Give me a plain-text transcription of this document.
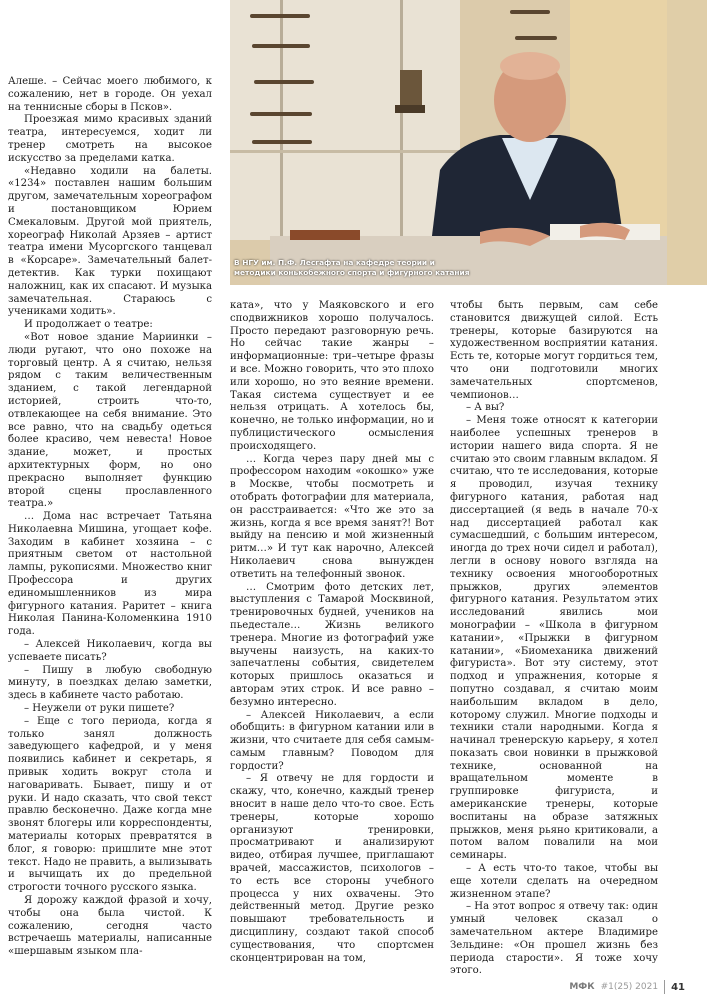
В НГУ им. П.Ф. Лесгафта на кафедре теории и методики конькобежного спорта и фигурного катания

Алеше. – Сейчас моего любимого, к сожалению, нет в городе. Он уехал на теннисные сборы в Псков».

Проезжая мимо красивых зданий театра, интересуемся, ходит ли тренер смотреть на высокое искусство за пределами катка.

«Недавно ходили на балеты. «1234» поставлен нашим большим другом, замечательным хореографом и постановщиком Юрием Смекаловым. Другой мой приятель, хореограф Николай Арзяев – артист театра имени Мусоргского танцевал в «Корсаре». Замечательный балет-детектив. Как турки похищают наложниц, как их спасают. И музыка замечательная. Стараюсь с учениками ходить».

И продолжает о театре:

«Вот новое здание Мариинки – люди ругают, что оно похоже на торговый центр. А я считаю, нельзя рядом с таким величественным зданием, с такой легендарной историей, строить что-то, отвлекающее на себя внимание. Это все равно, что на свадьбу одеться более красиво, чем невеста! Новое здание, может, и простых архитектурных форм, но оно прекрасно выполняет функцию второй сцены прославленного театра.»

… Дома нас встречает Татьяна Николаевна Мишина, угощает кофе. Заходим в кабинет хозяина – с приятным светом от настольной лампы, рукописями. Множество книг Профессора и других единомышленников из мира фигурного катания. Раритет – книга Николая Панина-Коломенкина 1910 года.

– Алексей Николаевич, когда вы успеваете писать?

– Пишу в любую свободную минуту, в поездках делаю заметки, здесь в кабинете часто работаю.

– Неужели от руки пишете?

– Еще с того периода, когда я только занял должность заведующего кафедрой, и у меня появились кабинет и секретарь, я привык ходить вокруг стола и наговаривать. Бывает, пишу и от руки. И надо сказать, что свой текст правлю бесконечно. Даже когда мне звонят блогеры или корреспонденты, материалы которых превратятся в блог, я говорю: пришлите мне этот текст. Надо не править, а вылизывать и вычищать их до предельной строгости точного русского языка.

Я дорожу каждой фразой и хочу, чтобы она была чистой. К сожалению, сегодня часто встречаешь материалы, написанные «шершавым языком пла-

ката», что у Маяковского и его сподвижников хорошо получалось. Просто передают разговорную речь. Но сейчас такие жанры – информационные: три–четыре фразы и все. Можно говорить, что это плохо или хорошо, но это веяние времени. Такая система существует и ее нельзя отрицать. А хотелось бы, конечно, не только информации, но и публицистического осмысления происходящего.

… Когда через пару дней мы с профессором находим «окошко» уже в Москве, чтобы посмотреть и отобрать фотографии для материала, он расстраивается: «Что же это за жизнь, когда я все время занят?! Вот выйду на пенсию и мой жизненный ритм…» И тут как нарочно, Алексей Николаевич снова вынужден ответить на телефонный звонок.

… Смотрим фото детских лет, выступления с Тамарой Москвиной, тренировочных будней, учеников на пьедестале… Жизнь великого тренера. Многие из фотографий уже выучены наизусть, на каких-то запечатлены события, свидетелем которых пришлось оказаться и авторам этих строк. И все равно – безумно интересно.

– Алексей Николаевич, а если обобщить: в фигурном катании или в жизни, что считаете для себя самым-самым главным? Поводом для гордости?

– Я отвечу не для гордости и скажу, что, конечно, каждый тренер вносит в наше дело что-то свое. Есть тренеры, которые хорошо организуют тренировки, просматривают и анализируют видео, отбирая лучшее, приглашают врачей, массажистов, психологов – то есть все стороны учебного процесса у них охвачены. Это действенный метод. Другие резко повышают требовательность и дисциплину, создают такой способ существования, что спортсмен сконцентрирован на том,

чтобы быть первым, сам себе становится движущей силой. Есть тренеры, которые базируются на художественном восприятии катания. Есть те, которые могут гордиться тем, что они подготовили многих замечательных спортсменов, чемпионов…

– А вы?

– Меня тоже относят к категории наиболее успешных тренеров в истории нашего вида спорта. Я не считаю это своим главным вкладом. Я считаю, что те исследования, которые я проводил, изучая технику фигурного катания, работая над диссертацией (я ведь в начале 70-х над диссертацией работал как сумасшедший, с большим интересом, иногда до трех ночи сидел и работал), легли в основу нового взгляда на технику освоения многооборотных прыжков, других элементов фигурного катания. Результатом этих исследований явились мои монографии – «Школа в фигурном катании», «Прыжки в фигурном катании», «Биомеханика движений фигуриста». Вот эту систему, этот подход и упражнения, которые я попутно создавал, я считаю моим наибольшим вкладом в дело, которому служил. Многие подходы и техники стали народными. Когда я начинал тренерскую карьеру, я хотел показать свои новинки в прыжковой технике, основанной на вращательном моменте в группировке фигуриста, и американские тренеры, которые воспитаны на образе затяжных прыжков, меня рьяно критиковали, а потом валом повалили на мои семинары.

– А есть что-то такое, чтобы вы еще хотели сделать на очередном жизненном этапе?

– На этот вопрос я отвечу так: один умный человек сказал о замечательном актере Владимире Зельдине: «Он прошел жизнь без периода старости». Я тоже хочу этого.

МФК #1(25) 2021 41
